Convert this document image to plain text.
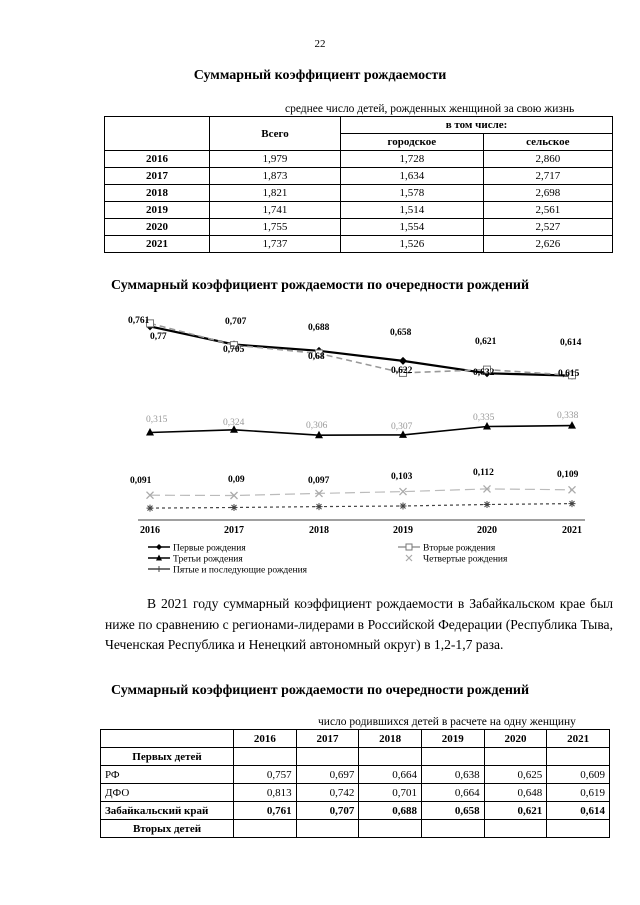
22
Суммарный коэффициент рождаемости
среднее число детей, рожденных женщиной за свою жизнь
	Всего	в том числе:	
		городское	сельское
2016	1,979	1,728	2,860
2017	1,873	1,634	2,717
2018	1,821	1,578	2,698
2019	1,741	1,514	2,561
2020	1,755	1,554	2,527
2021	1,737	1,526	2,626
Суммарный коэффициент рождаемости по очередности рождений
0,761	0,707
0,688	0,658
0,621	0,614
0,77
0,705
0,68
0,622	0,632	0,615
0,315	0,324	0,306	0,307
0,335	0,338
0,091	0,09	0,097	0,103	0,112	0,109
2016	2017	2018	2019	2020	2021
Первые рождения	Вторые рождения
Третьи рождения	Четвертые рождения
Пятые и последующие рождения
В 2021 году суммарный коэффициент рождаемости в Забайкальском крае был ниже по сравнению с регионами-лидерами в Российской Федерации (Республика Тыва, Чеченская Республика и Ненецкий автономный округ) в 1,2-1,7 раза.
Суммарный коэффициент рождаемости по очередности рождений
число родившихся детей в расчете на одну женщину
	2016	2017	2018	2019	2020	2021
Первых детей						
РФ	0,757	0,697	0,664	0,638	0,625	0,609
ДФО	0,813	0,742	0,701	0,664	0,648	0,619
Забайкальский край	0,761	0,707	0,688	0,658	0,621	0,614
Вторых детей						
